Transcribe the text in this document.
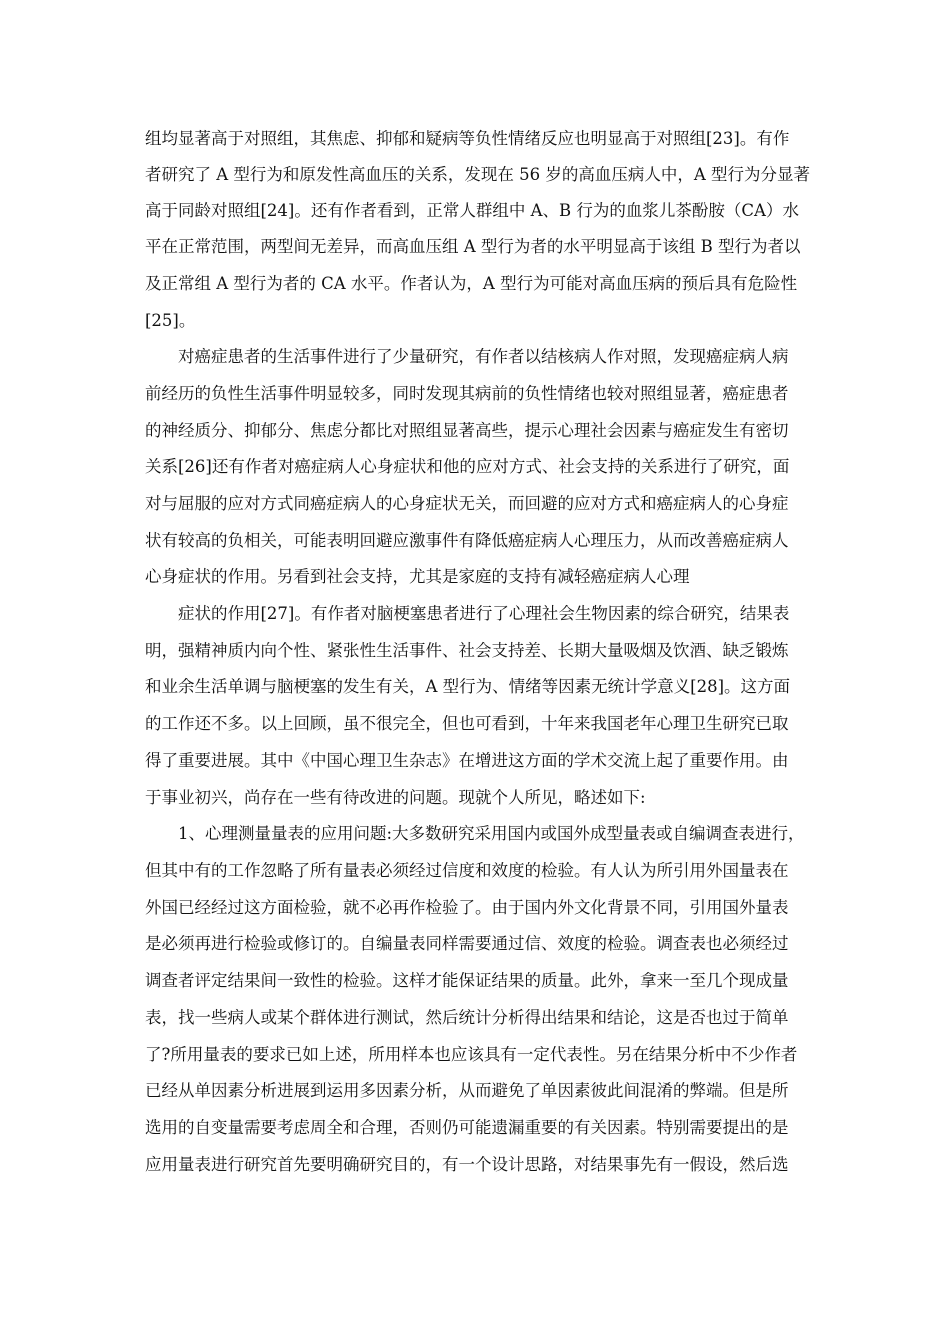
组均显著高于对照组，其焦虑、抑郁和疑病等负性情绪反应也明显高于对照组[23]。有作
者研究了 A 型行为和原发性高血压的关系，发现在 56 岁的高血压病人中，A 型行为分显著
高于同龄对照组[24]。还有作者看到，正常人群组中 A、B 行为的血浆儿茶酚胺（CA）水
平在正常范围，两型间无差异，而高血压组 A 型行为者的水平明显高于该组 B 型行为者以
及正常组 A 型行为者的 CA 水平。作者认为，A 型行为可能对高血压病的预后具有危险性
[25]。
对癌症患者的生活事件进行了少量研究，有作者以结核病人作对照，发现癌症病人病
前经历的负性生活事件明显较多，同时发现其病前的负性情绪也较对照组显著，癌症患者
的神经质分、抑郁分、焦虑分都比对照组显著高些，提示心理社会因素与癌症发生有密切
关系[26]还有作者对癌症病人心身症状和他的应对方式、社会支持的关系进行了研究，面
对与屈服的应对方式同癌症病人的心身症状无关，而回避的应对方式和癌症病人的心身症
状有较高的负相关，可能表明回避应激事件有降低癌症病人心理压力，从而改善癌症病人
心身症状的作用。另看到社会支持，尤其是家庭的支持有减轻癌症病人心理
症状的作用[27]。有作者对脑梗塞患者进行了心理社会生物因素的综合研究，结果表
明，强精神质内向个性、紧张性生活事件、社会支持差、长期大量吸烟及饮酒、缺乏锻炼
和业余生活单调与脑梗塞的发生有关，A 型行为、情绪等因素无统计学意义[28]。这方面
的工作还不多。以上回顾，虽不很完全，但也可看到，十年来我国老年心理卫生研究已取
得了重要进展。其中《中国心理卫生杂志》在增进这方面的学术交流上起了重要作用。由
于事业初兴，尚存在一些有待改进的问题。现就个人所见，略述如下:
1、心理测量量表的应用问题:大多数研究采用国内或国外成型量表或自编调查表进行，
但其中有的工作忽略了所有量表必须经过信度和效度的检验。有人认为所引用外国量表在
外国已经经过这方面检验，就不必再作检验了。由于国内外文化背景不同，引用国外量表
是必须再进行检验或修订的。自编量表同样需要通过信、效度的检验。调查表也必须经过
调查者评定结果间一致性的检验。这样才能保证结果的质量。此外，拿来一至几个现成量
表，找一些病人或某个群体进行测试，然后统计分析得出结果和结论，这是否也过于简单
了?所用量表的要求已如上述，所用样本也应该具有一定代表性。另在结果分析中不少作者
已经从单因素分析进展到运用多因素分析，从而避免了单因素彼此间混淆的弊端。但是所
选用的自变量需要考虑周全和合理，否则仍可能遗漏重要的有关因素。特别需要提出的是
应用量表进行研究首先要明确研究目的，有一个设计思路，对结果事先有一假设，然后选
